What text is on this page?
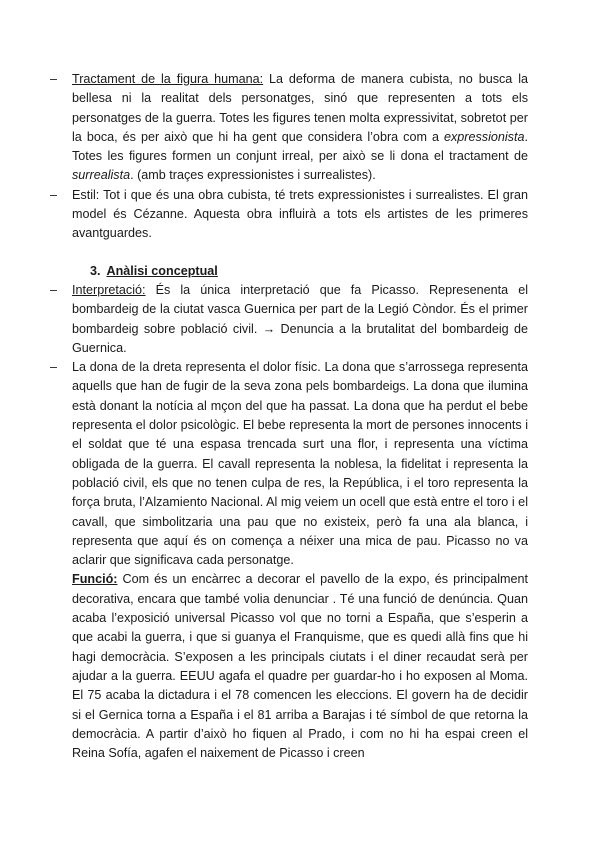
– Tractament de la figura humana: La deforma de manera cubista, no busca la bellesa ni la realitat dels personatges, sinó que representen a tots els personatges de la guerra. Totes les figures tenen molta expressivitat, sobretot per la boca, és per això que hi ha gent que considera l’obra com a expressionista. Totes les figures formen un conjunt irreal, per això se li dona el tractament de surrealista. (amb traçes expressionistes i surrealistes).

– Estil: Tot i que és una obra cubista, té trets expressionistes i surrealistes. El gran model és Cézanne. Aquesta obra influirà a tots els artistes de les primeres avantguardes.

3. Anàlisi conceptual

– Interpretació: És la única interpretació que fa Picasso. Represenenta el bombardeig de la ciutat vasca Guernica per part de la Legió Còndor. És el primer bombardeig sobre població civil. → Denuncia a la brutalitat del bombardeig de Guernica.

– La dona de la dreta representa el dolor físic. La dona que s’arrossega representa aquells que han de fugir de la seva zona pels bombardeigs. La dona que ilumina està donant la notícia al mçon del que ha passat. La dona que ha perdut el bebe representa el dolor psicològic. El bebe representa la mort de persones innocents i el soldat que té una espasa trencada surt una flor, i representa una víctima obligada de la guerra. El cavall representa la noblesa, la fidelitat i representa la població civil, els que no tenen culpa de res, la República, i el toro representa la força bruta, l’Alzamiento Nacional. Al mig veiem un ocell que està entre el toro i el cavall, que simbolitzaria una pau que no existeix, però fa una ala blanca, i representa que aquí és on comença a néixer una mica de pau. Picasso no va aclarir que significava cada personatge.

Funció: Com és un encàrrec a decorar el pavello de la expo, és principalment decorativa, encara que també volia denunciar . Té una funció de denúncia. Quan acaba l’exposició universal Picasso vol que no torni a España, que s’esperin a que acabi la guerra, i que si guanya el Franquisme, que es quedi allà fins que hi hagi democràcia. S’exposen a les principals ciutats i el diner recaudat serà per ajudar a la guerra. EEUU agafa el quadre per guardar-ho i ho exposen al Moma. El 75 acaba la dictadura i el 78 comencen les eleccions. El govern ha de decidir si el Gernica torna a España i el 81 arriba a Barajas i té símbol de que retorna la democràcia. A partir d’això ho fiquen al Prado, i com no hi ha espai creen el Reina Sofía, agafen el naixement de Picasso i creen
